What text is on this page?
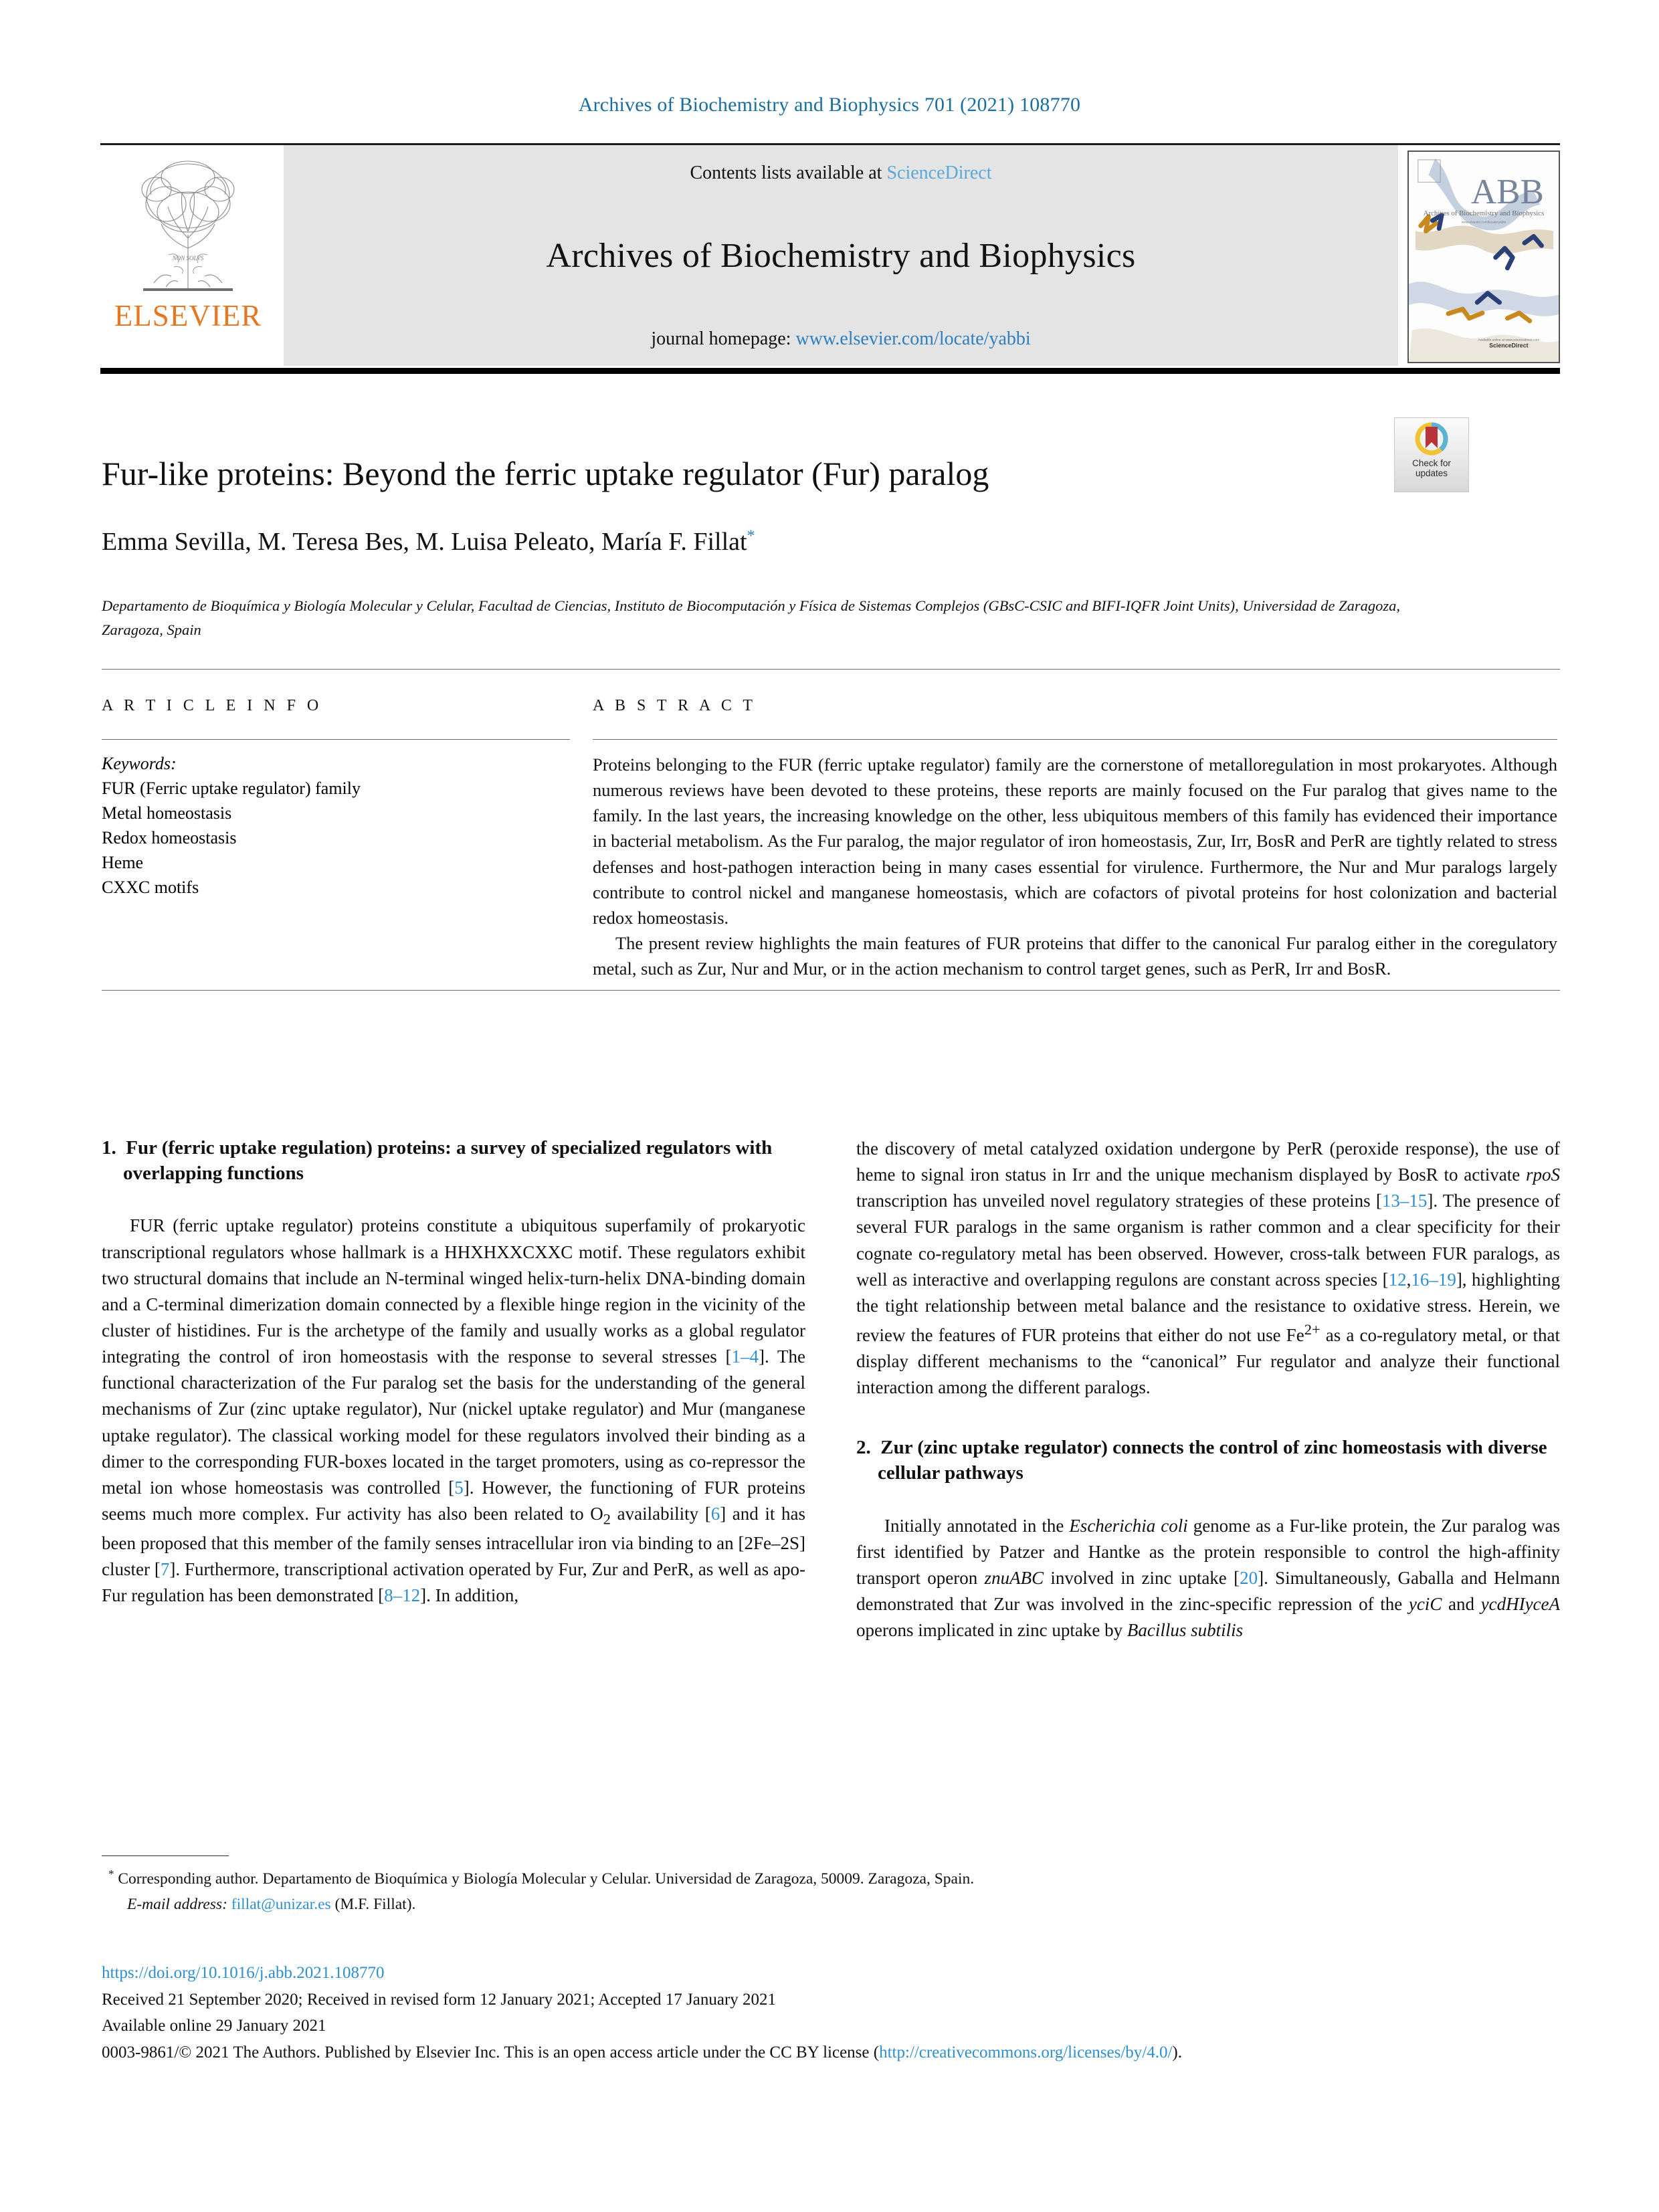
Archives of Biochemistry and Biophysics 701 (2021) 108770
NON SOLVS
ELSEVIER
Contents lists available at ScienceDirect
Archives of Biochemistry and Biophysics
journal homepage: www.elsevier.com/locate/yabbi
ABB
Archives of Biochemistry and Biophysics
www.elsevier.com/locate/yabbi
ScienceDirect
Available online at www.sciencedirect.com
Check for
updates
Fur-like proteins: Beyond the ferric uptake regulator (Fur) paralog
Emma Sevilla, M. Teresa Bes, M. Luisa Peleato, María F. Fillat*
Departamento de Bioquímica y Biología Molecular y Celular, Facultad de Ciencias, Instituto de Biocomputación y Física de Sistemas Complejos (GBsC-CSIC and BIFI-IQFR Joint Units), Universidad de Zaragoza, Zaragoza, Spain
A R T I C L E I N F O
Keywords:
FUR (Ferric uptake regulator) family
Metal homeostasis
Redox homeostasis
Heme
CXXC motifs
A B S T R A C T

Proteins belonging to the FUR (ferric uptake regulator) family are the cornerstone of metalloregulation in most prokaryotes. Although numerous reviews have been devoted to these proteins, these reports are mainly focused on the Fur paralog that gives name to the family. In the last years, the increasing knowledge on the other, less ubiquitous members of this family has evidenced their importance in bacterial metabolism. As the Fur paralog, the major regulator of iron homeostasis, Zur, Irr, BosR and PerR are tightly related to stress defenses and host-pathogen interaction being in many cases essential for virulence. Furthermore, the Nur and Mur paralogs largely contribute to control nickel and manganese homeostasis, which are cofactors of pivotal proteins for host colonization and bacterial redox homeostasis.

The present review highlights the main features of FUR proteins that differ to the canonical Fur paralog either in the coregulatory metal, such as Zur, Nur and Mur, or in the action mechanism to control target genes, such as PerR, Irr and BosR.

1. Fur (ferric uptake regulation) proteins: a survey of specialized regulators with overlapping functions

FUR (ferric uptake regulator) proteins constitute a ubiquitous superfamily of prokaryotic transcriptional regulators whose hallmark is a HHXHXXCXXC motif. These regulators exhibit two structural domains that include an N-terminal winged helix-turn-helix DNA-binding domain and a C-terminal dimerization domain connected by a flexible hinge region in the vicinity of the cluster of histidines. Fur is the archetype of the family and usually works as a global regulator integrating the control of iron homeostasis with the response to several stresses [1–4]. The functional characterization of the Fur paralog set the basis for the understanding of the general mechanisms of Zur (zinc uptake regulator), Nur (nickel uptake regulator) and Mur (manganese uptake regulator). The classical working model for these regulators involved their binding as a dimer to the corresponding FUR-boxes located in the target promoters, using as co-repressor the metal ion whose homeostasis was controlled [5]. However, the functioning of FUR proteins seems much more complex. Fur activity has also been related to $O_2$ availability [6] and it has been proposed that this member of the family senses intracellular iron via binding to an [2Fe–2S] cluster [7]. Furthermore, transcriptional activation operated by Fur, Zur and PerR, as well as apo-Fur regulation has been demonstrated [8–12]. In addition,

the discovery of metal catalyzed oxidation undergone by PerR (peroxide response), the use of heme to signal iron status in Irr and the unique mechanism displayed by BosR to activate rpoS transcription has unveiled novel regulatory strategies of these proteins [13–15]. The presence of several FUR paralogs in the same organism is rather common and a clear specificity for their cognate co-regulatory metal has been observed. However, cross-talk between FUR paralogs, as well as interactive and overlapping regulons are constant across species [12,16–19], highlighting the tight relationship between metal balance and the resistance to oxidative stress. Herein, we review the features of FUR proteins that either do not use $Fe^{2+}$ as a co-regulatory metal, or that display different mechanisms to the “canonical” Fur regulator and analyze their functional interaction among the different paralogs.

2. Zur (zinc uptake regulator) connects the control of zinc homeostasis with diverse cellular pathways

Initially annotated in the Escherichia coli genome as a Fur-like protein, the Zur paralog was first identified by Patzer and Hantke as the protein responsible to control the high-affinity transport operon znuABC involved in zinc uptake [20]. Simultaneously, Gaballa and Helmann demonstrated that Zur was involved in the zinc-specific repression of the yciC and ycdHIyceA operons implicated in zinc uptake by Bacillus subtilis

* Corresponding author. Departamento de Bioquímica y Biología Molecular y Celular. Universidad de Zaragoza, 50009. Zaragoza, Spain.
E-mail address: fillat@unizar.es (M.F. Fillat).
https://doi.org/10.1016/j.abb.2021.108770
Received 21 September 2020; Received in revised form 12 January 2021; Accepted 17 January 2021
Available online 29 January 2021
0003-9861/© 2021 The Authors. Published by Elsevier Inc. This is an open access article under the CC BY license (http://creativecommons.org/licenses/by/4.0/).
